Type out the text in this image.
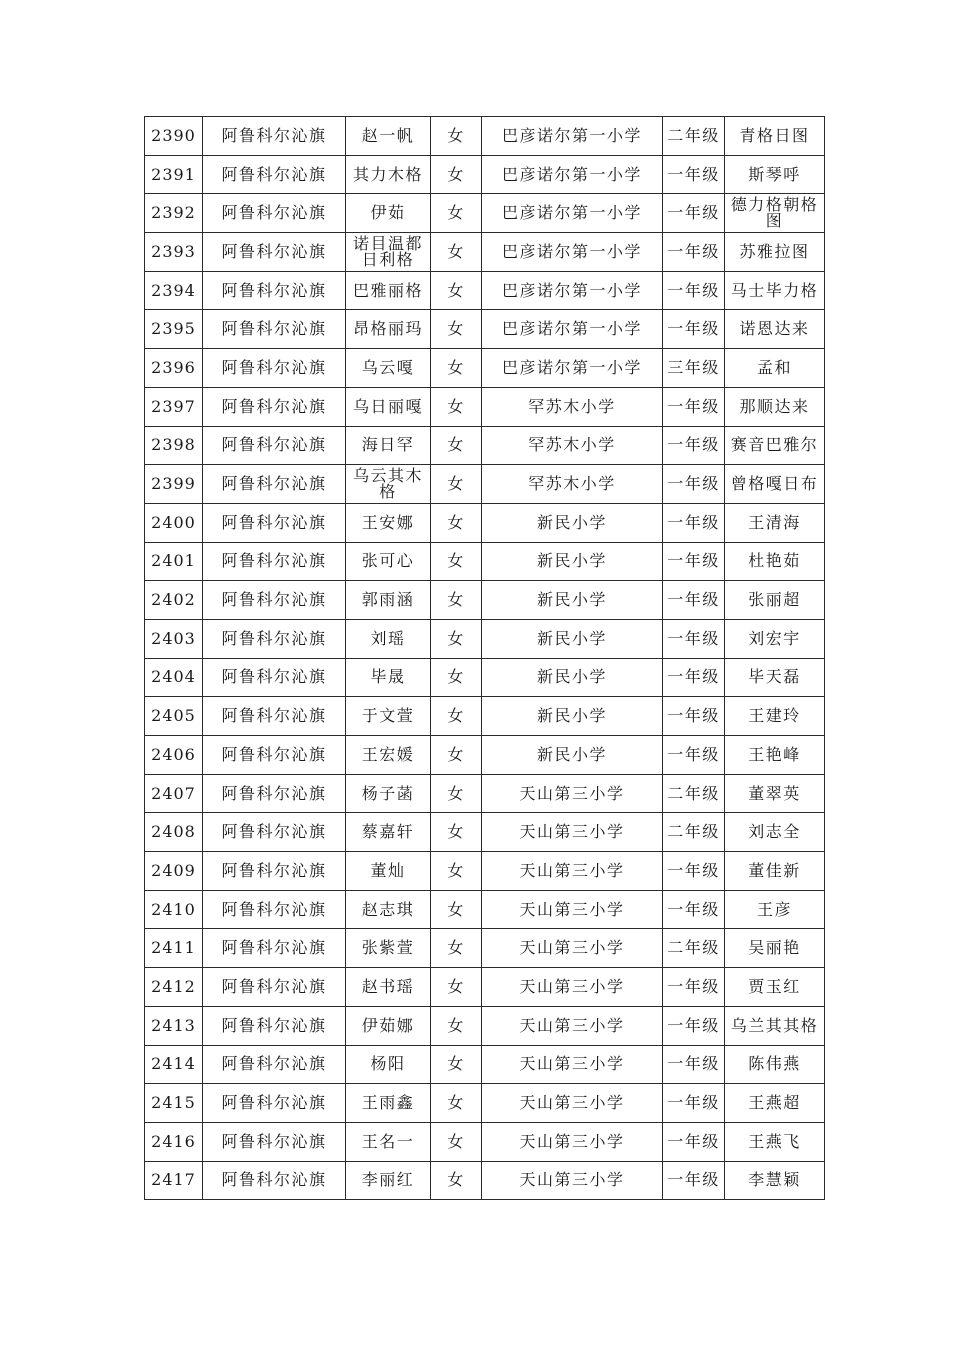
2390	阿鲁科尔沁旗	赵一帆	女	巴彦诺尔第一小学	二年级	青格日图
2391	阿鲁科尔沁旗	其力木格	女	巴彦诺尔第一小学	一年级	斯琴呼
2392	阿鲁科尔沁旗	伊茹	女	巴彦诺尔第一小学	一年级	德力格朝格图
2393	阿鲁科尔沁旗	诺目温都日利格	女	巴彦诺尔第一小学	一年级	苏雅拉图
2394	阿鲁科尔沁旗	巴雅丽格	女	巴彦诺尔第一小学	一年级	马士毕力格
2395	阿鲁科尔沁旗	昂格丽玛	女	巴彦诺尔第一小学	一年级	诺恩达来
2396	阿鲁科尔沁旗	乌云嘎	女	巴彦诺尔第一小学	三年级	孟和
2397	阿鲁科尔沁旗	乌日丽嘎	女	罕苏木小学	一年级	那顺达来
2398	阿鲁科尔沁旗	海日罕	女	罕苏木小学	一年级	赛音巴雅尔
2399	阿鲁科尔沁旗	乌云其木格	女	罕苏木小学	一年级	曾格嘎日布
2400	阿鲁科尔沁旗	王安娜	女	新民小学	一年级	王清海
2401	阿鲁科尔沁旗	张可心	女	新民小学	一年级	杜艳茹
2402	阿鲁科尔沁旗	郭雨涵	女	新民小学	一年级	张丽超
2403	阿鲁科尔沁旗	刘瑶	女	新民小学	一年级	刘宏宇
2404	阿鲁科尔沁旗	毕晟	女	新民小学	一年级	毕天磊
2405	阿鲁科尔沁旗	于文萱	女	新民小学	一年级	王建玲
2406	阿鲁科尔沁旗	王宏媛	女	新民小学	一年级	王艳峰
2407	阿鲁科尔沁旗	杨子菡	女	天山第三小学	二年级	董翠英
2408	阿鲁科尔沁旗	蔡嘉轩	女	天山第三小学	二年级	刘志全
2409	阿鲁科尔沁旗	董灿	女	天山第三小学	一年级	董佳新
2410	阿鲁科尔沁旗	赵志琪	女	天山第三小学	一年级	王彦
2411	阿鲁科尔沁旗	张紫萱	女	天山第三小学	二年级	吴丽艳
2412	阿鲁科尔沁旗	赵书瑶	女	天山第三小学	一年级	贾玉红
2413	阿鲁科尔沁旗	伊茹娜	女	天山第三小学	一年级	乌兰其其格
2414	阿鲁科尔沁旗	杨阳	女	天山第三小学	一年级	陈伟燕
2415	阿鲁科尔沁旗	王雨鑫	女	天山第三小学	一年级	王燕超
2416	阿鲁科尔沁旗	王名一	女	天山第三小学	一年级	王燕飞
2417	阿鲁科尔沁旗	李丽红	女	天山第三小学	一年级	李慧颖
